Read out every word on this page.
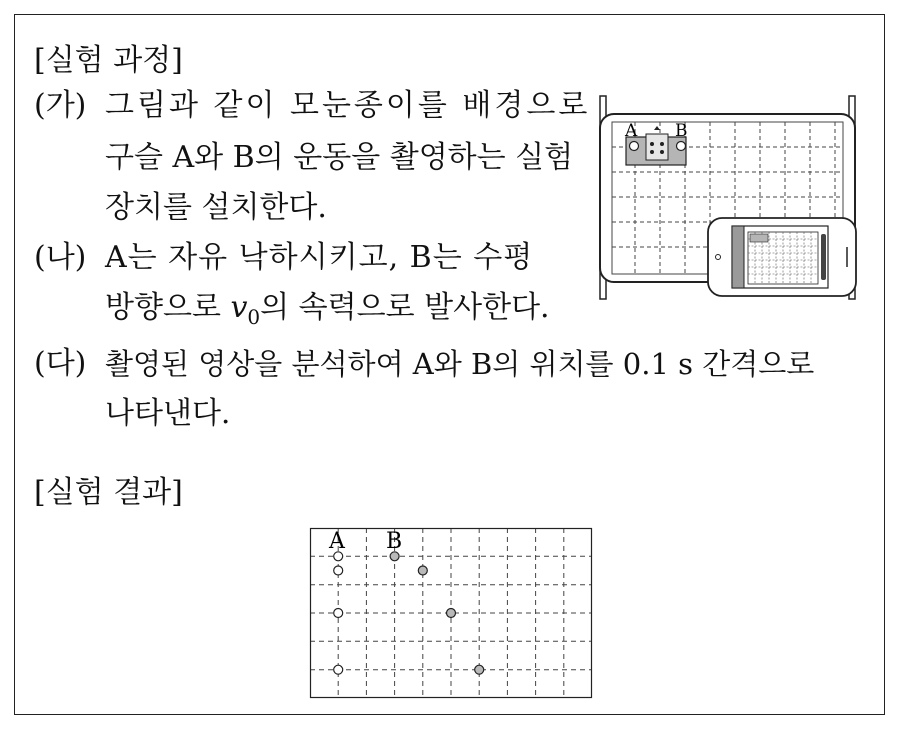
[실험 과정]
(가) 그림과 같이 모눈종이를 배경으로
구슬 A와 B의 운동을 촬영하는 실험
장치를 설치한다.
(나) A는 자유 낙하시키고, B는 수평
방향으로 $v_0$의 속력으로 발사한다.
(다) 촬영된 영상을 분석하여 A와 B의 위치를 0.1 s 간격으로
나타낸다.
[실험 결과]
A B
A B
